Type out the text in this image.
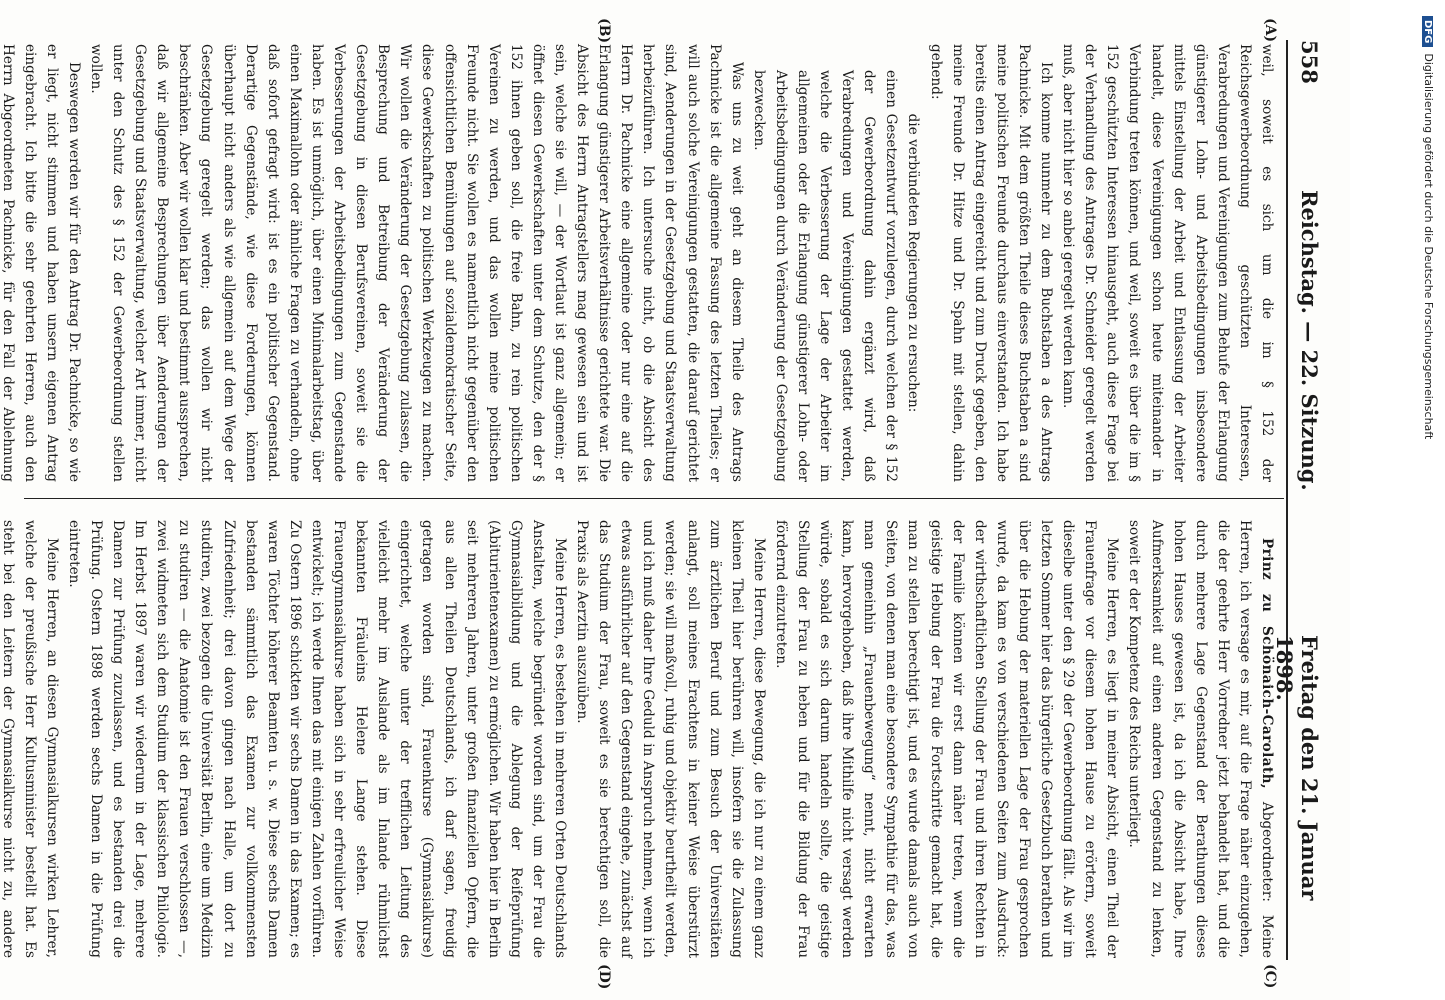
558
Reichstag. — 22. Sitzung.
Freitag den 21. Januar 1898.
(A)
(B)
(C)
(D)

weil, soweit es sich um die im § 152 der Reichsgewerbeordnung geschützten Interessen, Verabredungen und Vereinigungen zum Behufe der Erlangung günstigerer Lohn- und Arbeitsbedingungen insbesondere mittels Einstellung der Arbeit und Entlassung der Arbeiter handelt, diese Vereinigungen schon heute miteinander in Verbindung treten können, und weil, soweit es über die im § 152 geschützten Interessen hinausgeht, auch diese Frage bei der Verhandlung des Antrages Dr. Schneider geregelt werden muß, aber nicht hier so anbei geregelt werden kann.

Ich komme nunmehr zu dem Buchstaben a des Antrags Pachnicke. Mit dem größten Theile dieses Buchstaben a sind meine politischen Freunde durchaus einverstanden. Ich habe bereits einen Antrag eingereicht und zum Druck gegeben, den meine Freunde Dr. Hitze und Dr. Spahn mit stellen, dahin gehend:

die verbündeten Regierungen zu ersuchen:

einen Gesetzentwurf vorzulegen, durch welchen der § 152 der Gewerbeordnung dahin ergänzt wird, daß Verabredungen und Vereinigungen gestattet werden, welche die Verbesserung der Lage der Arbeiter im allgemeinen oder die Erlangung günstigerer Lohn- oder Arbeitsbedingungen durch Veränderung der Gesetzgebung bezwecken.

Was uns zu weit geht an diesem Theile des Antrags Pachnicke ist die allgemeine Fassung des letzten Theiles; er will auch solche Vereinigungen gestatten, die darauf gerichtet sind, Aenderungen in der Gesetzgebung und Staatsverwaltung herbeizuführen. Ich untersuche nicht, ob die Absicht des Herrn Dr. Pachnicke eine allgemeine oder nur eine auf die Erlangung günstigerer Arbeitsverhältnisse gerichtete war. Die Absicht des Herrn Antragstellers mag gewesen sein und ist sein, welche sie will, — der Wortlaut ist ganz allgemein; er öffnet diesen Gewerkschaften unter dem Schutze, den der § 152 ihnen geben soll, die freie Bahn, zu rein politischen Vereinen zu werden, und das wollen meine politischen Freunde nicht. Sie wollen es namentlich nicht gegenüber den offensichtlichen Bemühungen auf sozialdemokratischer Seite, diese Gewerkschaften zu politischen Werkzeugen zu machen. Wir wollen die Veränderung der Gesetzgebung zulassen, die Besprechung und Betreibung der Veränderung der Gesetzgebung in diesen Berufsvereinen, soweit sie die Verbesserungen der Arbeitsbedingungen zum Gegenstande haben. Es ist unmöglich, über einen Minimalarbeitstag, über einen Maximallohn oder ähnliche Fragen zu verhandeln, ohne daß sofort gefragt wird: ist es ein politischer Gegenstand. Derartige Gegenstände, wie diese Forderungen, können überhaupt nicht anders als wie allgemein auf dem Wege der Gesetzgebung geregelt werden; das wollen wir nicht beschränken. Aber wir wollen klar und bestimmt aussprechen, daß wir allgemeine Besprechungen über Aenderungen der Gesetzgebung und Staatsverwaltung, welcher Art immer, nicht unter den Schutz des § 152 der Gewerbeordnung stellen wollen.

Deswegen werden wir für den Antrag Dr. Pachnicke, so wie er liegt, nicht stimmen und haben unsern eigenen Antrag eingebracht. Ich bitte die sehr geehrten Herren, auch den Herrn Abgeordneten Pachnicke, für den Fall der Ablehnung

Prinz zu Schönaich-Carolath, Abgeordneter: Meine Herren, ich versage es mir, auf die Frage näher einzugehen, die der geehrte Herr Vorredner jetzt behandelt hat, und die durch mehrere Lage Gegenstand der Berathungen dieses hohen Hauses gewesen ist, da ich die Absicht habe, Ihre Aufmerksamkeit auf einen anderen Gegenstand zu lenken, soweit er der Kompetenz des Reichs unterliegt.

Meine Herren, es liegt in meiner Absicht, einen Theil der Frauenfrage vor diesem hohen Hause zu erörtern, soweit dieselbe unter den § 29 der Gewerbeordnung fällt. Als wir im letzten Sommer hier das bürgerliche Gesetzbuch berathen und über die Hebung der materiellen Lage der Frau gesprochen wurde, da kam es von verschiedenen Seiten zum Ausdruck: der wirthschaftlichen Stellung der Frau und ihren Rechten in der Familie können wir erst dann näher treten, wenn die geistige Hebung der Frau die Fortschritte gemacht hat, die man zu stellen berechtigt ist, und es wurde damals auch von Seiten, von denen man eine besondere Sympathie für das, was man gemeinhin „Frauenbewegung“ nennt, nicht erwarten kann, hervorgehoben, daß ihre Mithilfe nicht versagt werden würde, sobald es sich darum handeln sollte, die geistige Stellung der Frau zu heben und für die Bildung der Frau fördernd einzutreten.

Meine Herren, diese Bewegung, die ich nur zu einem ganz kleinen Theil hier berühren will, insofern sie die Zulassung zum ärztlichen Beruf und zum Besuch der Universitäten anlangt, soll meines Erachtens in keiner Weise überstürzt werden; sie will maßvoll, ruhig und objektiv beurtheilt werden, und ich muß daher Ihre Geduld in Anspruch nehmen, wenn ich etwas ausführlicher auf den Gegenstand eingehe, zunächst auf das Studium der Frau, soweit es sie berechtigen soll, die Praxis als Aerztin auszuüben.

Meine Herren, es bestehen in mehreren Orten Deutschlands Anstalten, welche begründet worden sind, um der Frau die Gymnasialbildung und die Ablegung der Reifeprüfung (Abiturientenexamen) zu ermöglichen. Wir haben hier in Berlin seit mehreren Jahren, unter großen finanziellen Opfern, die aus allen Theilen Deutschlands, ich darf sagen, freudig getragen worden sind, Frauenkurse (Gymnasialkurse) eingerichtet, welche unter der trefflichen Leitung des vielleicht mehr im Auslande als im Inlande rühmlichst bekannten Fräuleins Helene Lange stehen. Diese Frauengymnasialkurse haben sich in sehr erfreulicher Weise entwickelt; ich werde Ihnen das mit einigen Zahlen vorführen. Zu Ostern 1896 schickten wir sechs Damen in das Examen; es waren Töchter höherer Beamten u. s. w. Diese sechs Damen bestanden sämmtlich das Examen zur vollkommensten Zufriedenheit; drei davon gingen nach Halle, um dort zu studiren, zwei bezogen die Universität Berlin, eine um Medizin zu studiren — die Anatomie ist den Frauen verschlossen —, zwei widmeten sich dem Studium der klassischen Philologie. Im Herbst 1897 waren wir wiederum in der Lage, mehrere Damen zur Prüfung zuzulassen, und es bestanden drei die Prüfung. Ostern 1898 werden sechs Damen in die Prüfung eintreten.

Meine Herren, an diesen Gymnasialkursen wirken Lehrer, welche der preußische Herr Kultusminister bestellt hat. Es steht bei den Leitern der Gymnasialkurse nicht zu, andere

DFGDigitalisierung gefördert durch die Deutsche Forschungsgemeinschaft
